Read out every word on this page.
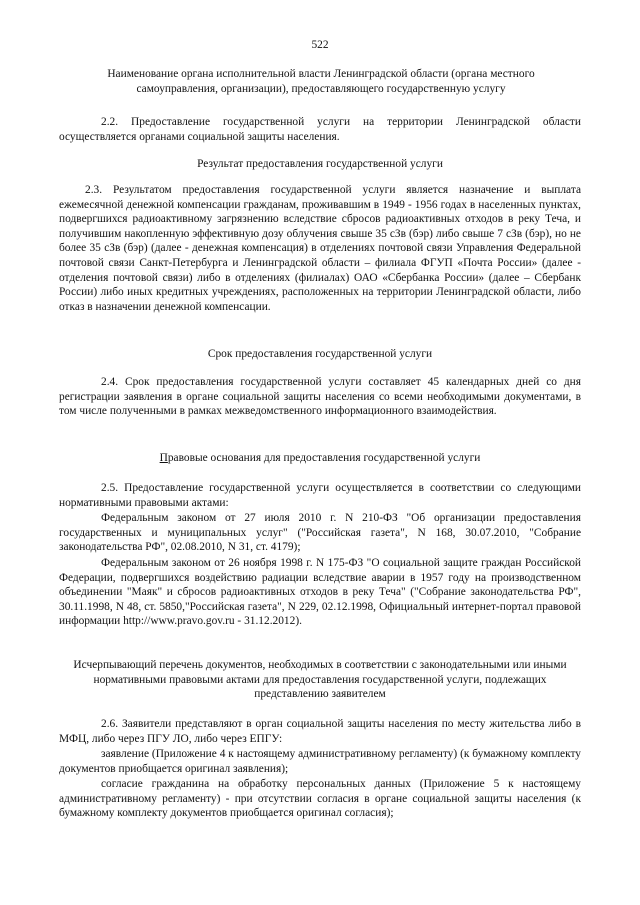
522

Наименование органа исполнительной власти Ленинградской области (органа местного самоуправления, организации), предоставляющего государственную услугу

2.2. Предоставление государственной услуги на территории Ленинградской области осуществляется органами социальной защиты населения.

Результат предоставления государственной услуги

2.3. Результатом предоставления государственной услуги является назначение и выплата ежемесячной денежной компенсации гражданам, проживавшим в 1949 - 1956 годах в населенных пунктах, подвергшихся радиоактивному загрязнению вследствие сбросов радиоактивных отходов в реку Теча, и получившим накопленную эффективную дозу облучения свыше 35 сЗв (бэр) либо свыше 7 сЗв (бэр), но не более 35 сЗв (бэр) (далее - денежная компенсация) в отделениях почтовой связи Управления Федеральной почтовой связи Санкт-Петербурга и Ленинградской области – филиала ФГУП «Почта России» (далее - отделения почтовой связи) либо в отделениях (филиалах) ОАО «Сбербанка России» (далее – Сбербанк России) либо иных кредитных учреждениях, расположенных на территории Ленинградской области, либо отказ в назначении денежной компенсации.

Срок предоставления государственной услуги

2.4. Срок предоставления государственной услуги составляет 45 календарных дней со дня регистрации заявления в органе социальной защиты населения со всеми необходимыми документами, в том числе полученными в рамках межведомственного информационного взаимодействия.

Правовые основания для предоставления государственной услуги

2.5. Предоставление государственной услуги осуществляется в соответствии со следующими нормативными правовыми актами:

Федеральным законом от 27 июля 2010 г. N 210-ФЗ "Об организации предоставления государственных и муниципальных услуг" ("Российская газета", N 168, 30.07.2010, "Собрание законодательства РФ", 02.08.2010, N 31, ст. 4179);

Федеральным законом от 26 ноября 1998 г. N 175-ФЗ "О социальной защите граждан Российской Федерации, подвергшихся воздействию радиации вследствие аварии в 1957 году на производственном объединении "Маяк" и сбросов радиоактивных отходов в реку Теча" ("Собрание законодательства РФ", 30.11.1998, N 48, ст. 5850,"Российская газета", N 229, 02.12.1998, Официальный интернет-портал правовой информации http://www.pravo.gov.ru - 31.12.2012).

Исчерпывающий перечень документов, необходимых в соответствии с законодательными или иными нормативными правовыми актами для предоставления государственной услуги, подлежащих представлению заявителем

2.6. Заявители представляют в орган социальной защиты населения по месту жительства либо в МФЦ, либо через ПГУ ЛО, либо через ЕПГУ:

заявление (Приложение 4 к настоящему административному регламенту) (к бумажному комплекту документов приобщается оригинал заявления);

согласие гражданина на обработку персональных данных (Приложение 5 к настоящему административному регламенту) - при отсутствии согласия в органе социальной защиты населения (к бумажному комплекту документов приобщается оригинал согласия);
